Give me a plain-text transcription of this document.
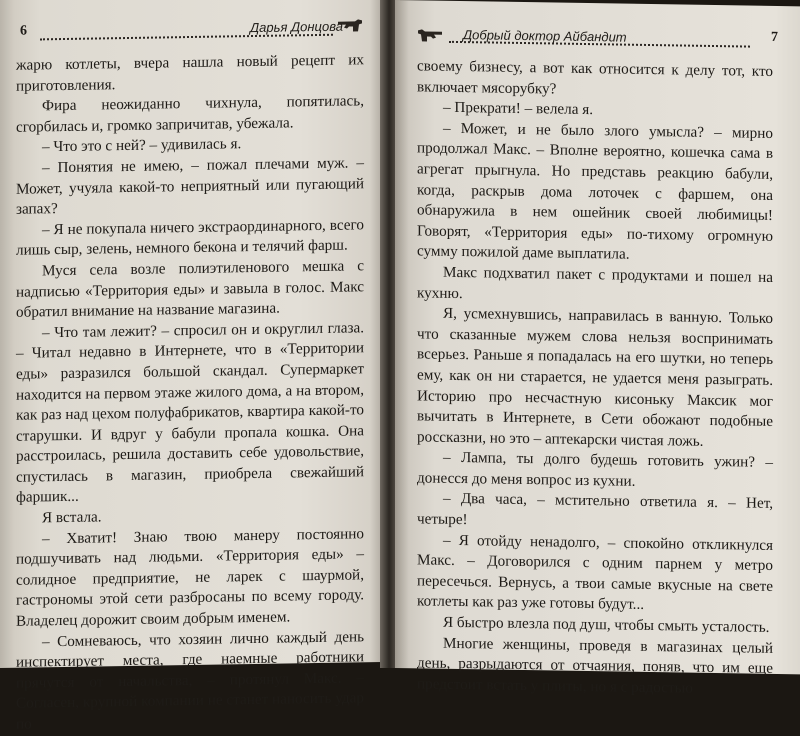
6	Дарья Донцова

жарю котлеты, вчера нашла новый рецепт их приготовления.

Фира неожиданно чихнула, попятилась, сгорбилась и, громко запричитав, убежала.

– Что это с ней? – удивилась я.

– Понятия не имею, – пожал плечами муж. – Может, учуяла какой-то неприятный или пугающий запах?

– Я не покупала ничего экстраординарного, всего лишь сыр, зелень, немного бекона и телячий фарш.

Муся села возле полиэтиленового мешка с надписью «Территория еды» и завыла в голос. Макс обратил внимание на название магазина.

– Что там лежит? – спросил он и округлил глаза. – Читал недавно в Интернете, что в «Территории еды» разразился большой скандал. Супермаркет находится на первом этаже жилого дома, а на втором, как раз над цехом полуфабрикатов, квартира какой-то старушки. И вдруг у бабули пропала кошка. Она расстроилась, решила доставить себе удовольствие, спустилась в магазин, приобрела свежайший фаршик...

Я встала.

– Хватит! Знаю твою манеру постоянно подшучивать над людьми. «Территория еды» – солидное предприятие, не ларек с шаурмой, гастрономы этой сети разбросаны по всему городу. Владелец дорожит своим добрым именем.

– Сомневаюсь, что хозяин лично каждый день инспектирует места, где наемные работники прячутся от начальства, – протянул Макс. – Согласен, крупной компании не станет наносить удар по

Добрый доктор Айбандит	7

своему бизнесу, а вот как относится к делу тот, кто включает мясорубку?

– Прекрати! – велела я.

– Может, и не было злого умысла? – мирно продолжал Макс. – Вполне вероятно, кошечка сама в агрегат прыгнула. Но представь реакцию бабули, когда, раскрыв дома лоточек с фаршем, она обнаружила в нем ошейник своей любимицы! Говорят, «Территория еды» по-тихому огромную сумму пожилой даме выплатила.

Макс подхватил пакет с продуктами и пошел на кухню.

Я, усмехнувшись, направилась в ванную. Только что сказанные мужем слова нельзя воспринимать всерьез. Раньше я попадалась на его шутки, но теперь ему, как он ни старается, не удается меня разыграть. Историю про несчастную кисоньку Максик мог вычитать в Интернете, в Сети обожают подобные россказни, но это – аптекарски чистая ложь.

– Лампа, ты долго будешь готовить ужин? – донесся до меня вопрос из кухни.

– Два часа, – мстительно ответила я. – Нет, четыре!

– Я отойду ненадолго, – спокойно откликнулся Макс. – Договорился с одним парнем у метро пересечься. Вернусь, а твои самые вкусные на свете котлеты как раз уже готовы будут...

Я быстро влезла под душ, чтобы смыть усталость.

Многие женщины, проведя в магазинах целый день, разрыдаются от отчаяния, поняв, что им еще предстоит встать у плиты, но я с радостью
